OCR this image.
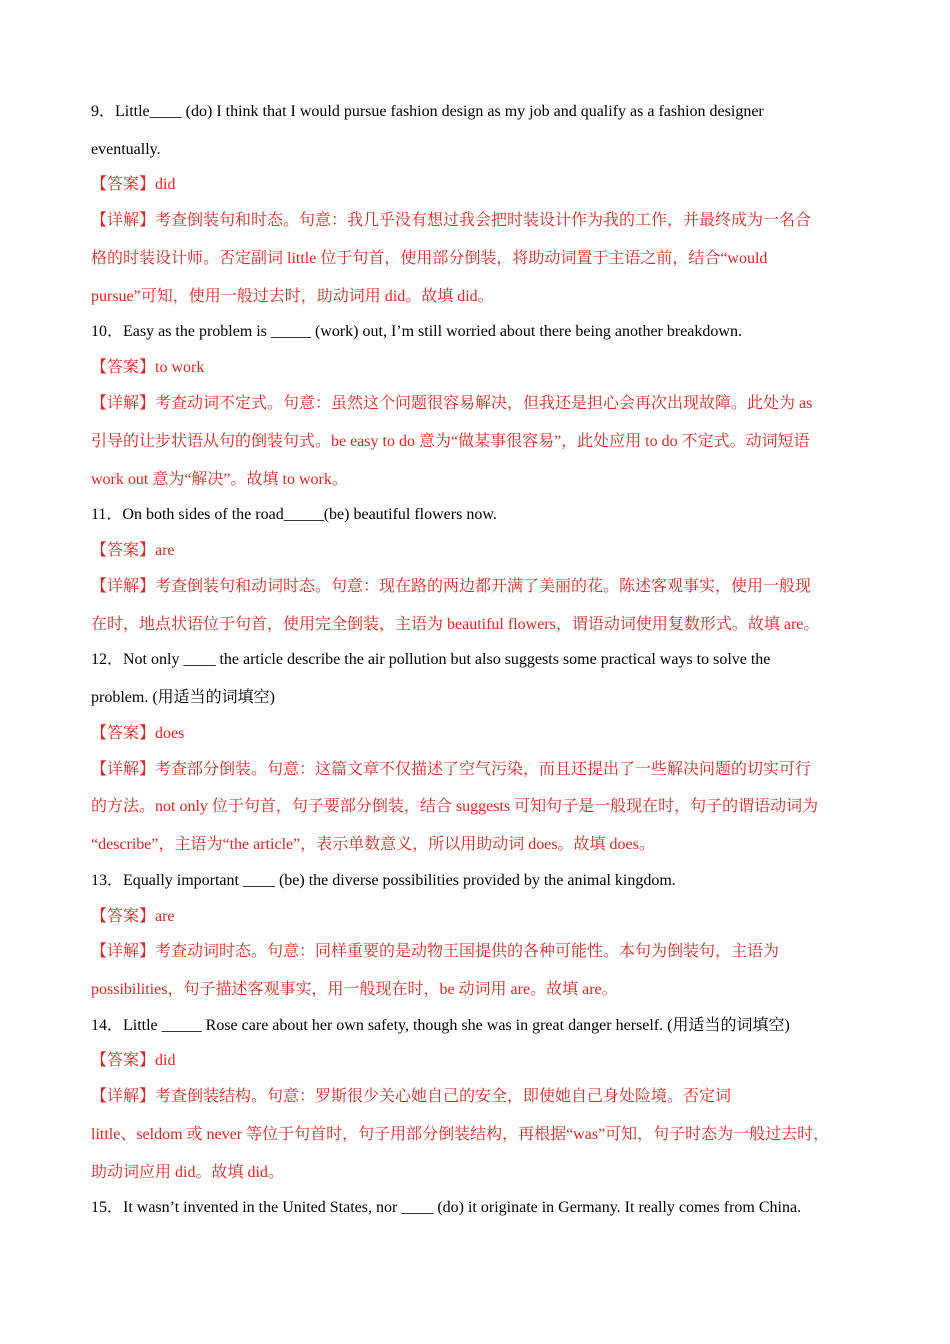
9．Little____ (do) I think that I would pursue fashion design as my job and qualify as a fashion designer
eventually.
【答案】did
【详解】考查倒装句和时态。句意：我几乎没有想过我会把时装设计作为我的工作，并最终成为一名合
格的时装设计师。否定副词 little 位于句首，使用部分倒装，将助动词置于主语之前，结合“would
pursue”可知，使用一般过去时，助动词用 did。故填 did。
10．Easy as the problem is _____ (work) out, I’m still worried about there being another breakdown.
【答案】to work
【详解】考查动词不定式。句意：虽然这个问题很容易解决，但我还是担心会再次出现故障。此处为 as
引导的让步状语从句的倒装句式。be easy to do 意为“做某事很容易”，此处应用 to do 不定式。动词短语
work out 意为“解决”。故填 to work。
11．On both sides of the road_____(be) beautiful flowers now.
【答案】are
【详解】考查倒装句和动词时态。句意：现在路的两边都开满了美丽的花。陈述客观事实，使用一般现
在时，地点状语位于句首，使用完全倒装，主语为 beautiful flowers，谓语动词使用复数形式。故填 are。
12．Not only ____ the article describe the air pollution but also suggests some practical ways to solve the
problem. (用适当的词填空)
【答案】does
【详解】考查部分倒装。句意：这篇文章不仅描述了空气污染，而且还提出了一些解决问题的切实可行
的方法。not only 位于句首，句子要部分倒装，结合 suggests 可知句子是一般现在时，句子的谓语动词为
“describe”，主语为“the article”，表示单数意义，所以用助动词 does。故填 does。
13．Equally important ____ (be) the diverse possibilities provided by the animal kingdom.
【答案】are
【详解】考查动词时态。句意：同样重要的是动物王国提供的各种可能性。本句为倒装句，主语为
possibilities，句子描述客观事实，用一般现在时，be 动词用 are。故填 are。
14．Little _____ Rose care about her own safety, though she was in great danger herself. (用适当的词填空)
【答案】did
【详解】考查倒装结构。句意：罗斯很少关心她自己的安全，即使她自己身处险境。否定词
little、seldom 或 never 等位于句首时，句子用部分倒装结构，再根据“was”可知，句子时态为一般过去时，
助动词应用 did。故填 did。
15．It wasn’t invented in the United States, nor ____ (do) it originate in Germany. It really comes from China.
